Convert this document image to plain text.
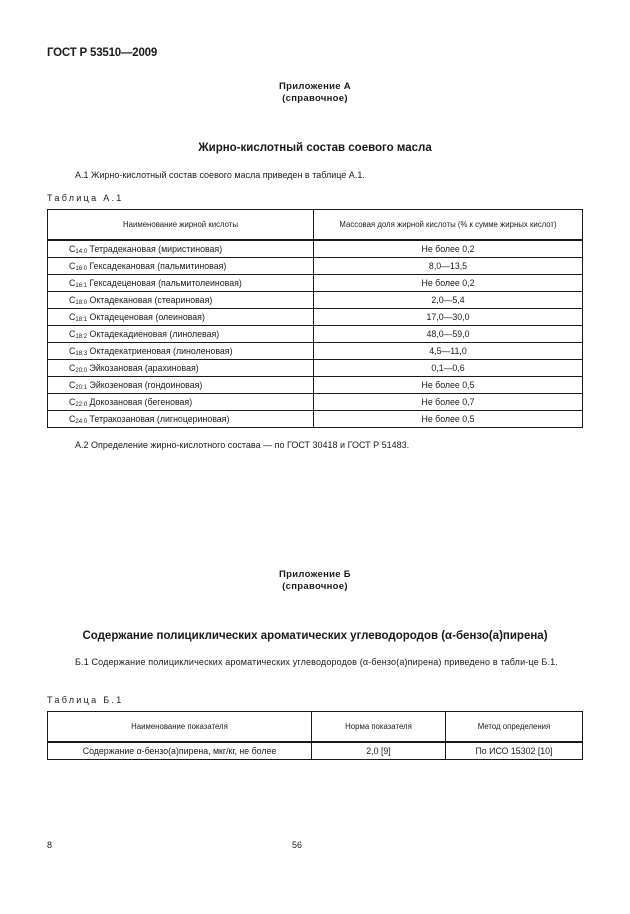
ГОСТ Р 53510—2009
Приложение А
(справочное)
Жирно-кислотный состав соевого масла
А.1 Жирно-кислотный состав соевого масла приведен в таблице А.1.
Таблица А.1
Наименование жирной кислоты	Массовая доля жирной кислоты (% к сумме жирных кислот)
$C_{14:0}$ Тетрадекановая (миристиновая)	Не более 0,2
$C_{16:0}$ Гексадекановая (пальмитиновая)	8,0—13,5
$C_{16:1}$ Гексадеценовая (пальмитолеиновая)	Не более 0,2
$C_{18:0}$ Октадекановая (стеариновая)	2,0—5,4
$C_{18:1}$ Октадеценовая (олеиновая)	17,0—30,0
$C_{18:2}$ Октадекадиеновая (линолевая)	48,0—59,0
$C_{18:3}$ Октадекатриеновая (линоленовая)	4,5—11,0
$C_{20:0}$ Эйкозановая (арахиновая)	0,1—0,6
$C_{20:1}$ Эйкозеновая (гондоиновая)	Не более 0,5
$C_{22:0}$ Докозановая (бегеновая)	Не более 0,7
$C_{24:0}$ Тетракозановая (лигноцериновая)	Не более 0,5
А.2 Определение жирно-кислотного состава — по ГОСТ 30418 и ГОСТ Р 51483.
Приложение Б
(справочное)
Содержание полициклических ароматических углеводородов (α-бензо(а)пирена)
Б.1 Содержание полициклических ароматических углеводородов (α-бензо(а)пирена) приведено в табли-це Б.1.
Таблица Б.1
Наименование показателя	Норма показателя	Метод определения
Содержание α-бензо(а)пирена, мкг/кг, не более	2,0 [9]	По ИСО 15302 [10]
8	56
